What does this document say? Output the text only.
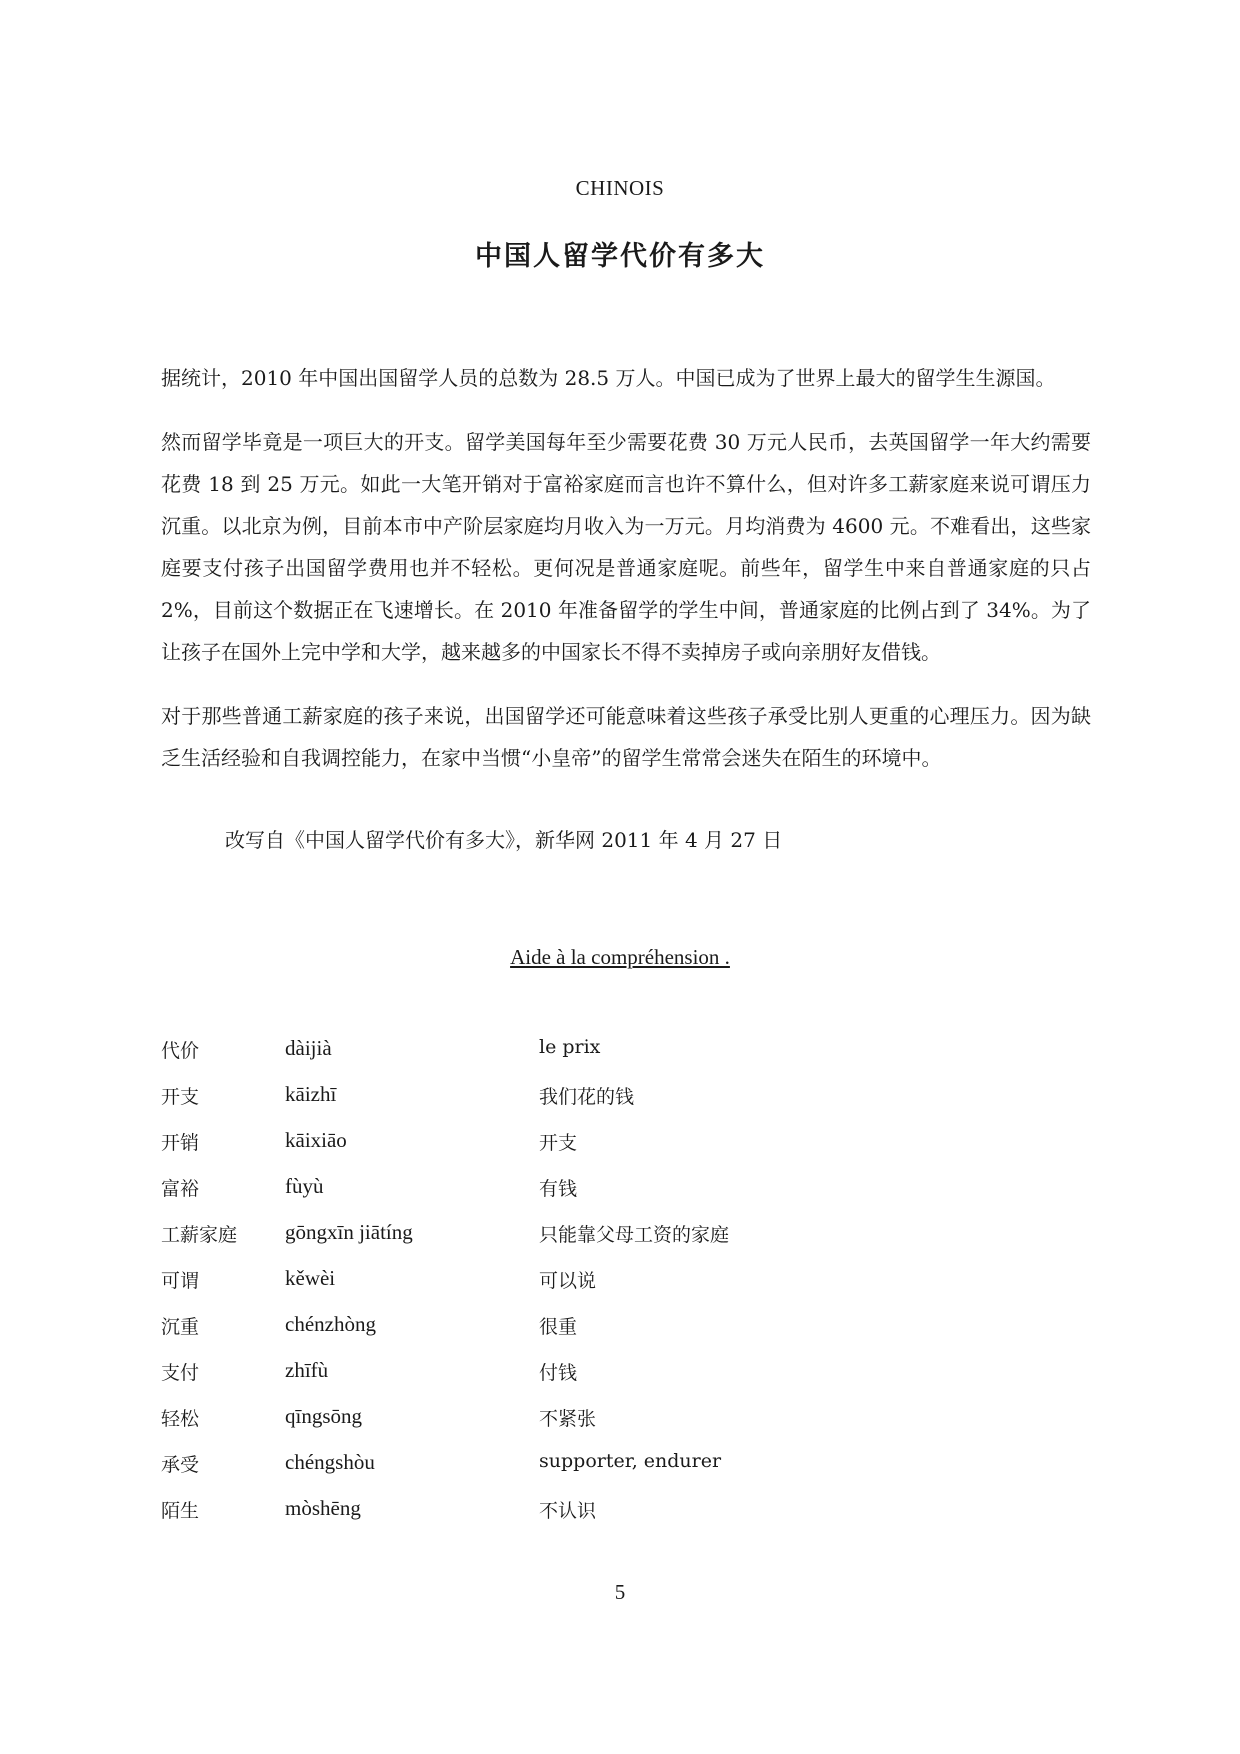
CHINOIS
中国人留学代价有多大

据统计，2010 年中国出国留学人员的总数为 28.5 万人。中国已成为了世界上最大的留学生生源国。

然而留学毕竟是一项巨大的开支。留学美国每年至少需要花费 30 万元人民币，去英国留学一年大约需要花费 18 到 25 万元。如此一大笔开销对于富裕家庭而言也许不算什么，但对许多工薪家庭来说可谓压力沉重。以北京为例，目前本市中产阶层家庭均月收入为一万元。月均消费为 4600 元。不难看出，这些家庭要支付孩子出国留学费用也并不轻松。更何况是普通家庭呢。前些年，留学生中来自普通家庭的只占 2%，目前这个数据正在飞速增长。在 2010 年准备留学的学生中间，普通家庭的比例占到了 34%。为了让孩子在国外上完中学和大学，越来越多的中国家长不得不卖掉房子或向亲朋好友借钱。

对于那些普通工薪家庭的孩子来说，出国留学还可能意味着这些孩子承受比别人更重的心理压力。因为缺乏生活经验和自我调控能力，在家中当惯“小皇帝”的留学生常常会迷失在陌生的环境中。

改写自《中国人留学代价有多大》，新华网 2011 年 4 月 27 日
Aide à la compréhension .
代价	dàijià	le prix
开支	kāizhī	我们花的钱
开销	kāixiāo	开支
富裕	fùyù	有钱
工薪家庭 gōngxīn jiātíng	只能靠父母工资的家庭
可谓	kěwèi	可以说
沉重	chénzhòng	很重
支付	zhīfù	付钱
轻松	qīngsōng	不紧张
承受	chéngshòu	supporter, endurer
陌生	mòshēng	不认识
5
